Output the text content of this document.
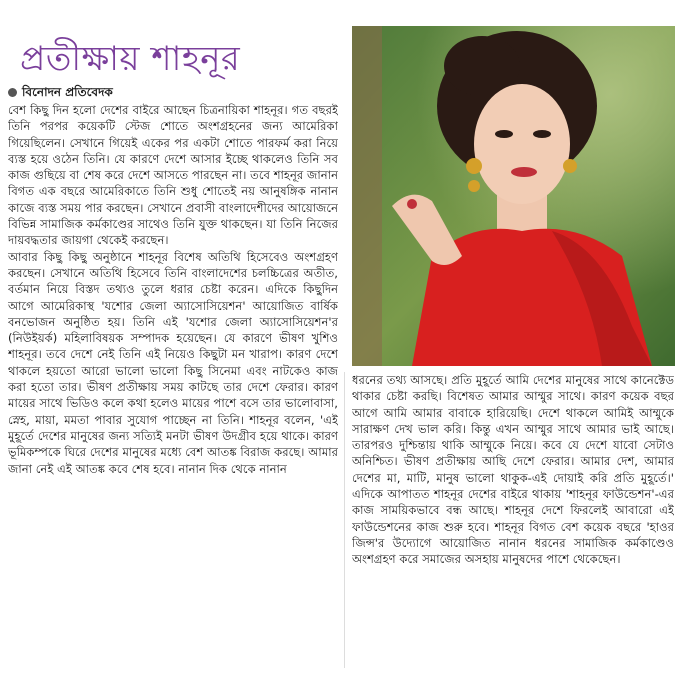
প্রতীক্ষায় শাহনূর
বিনোদন প্রতিবেদক

বেশ কিছু দিন হলো দেশের বাইরে আছেন চিত্রনায়িকা শাহনূর। গত বছরই তিনি পরপর কয়েকটি স্টেজ শোতে অংশগ্রহনের জন্য আমেরিকা গিয়েছিলেন। সেখানে গিয়েই একের পর একটা শোতে পারফর্ম করা নিয়ে ব্যস্ত হয়ে ওঠেন তিনি। যে কারণে দেশে আসার ইচ্ছে থাকলেও তিনি সব কাজ গুছিয়ে বা শেষ করে দেশে আসতে পারছেন না। তবে শাহনূর জানান বিগত এক বছরে আমেরিকাতে তিনি শুধু শোতেই নয় আনুষঙ্গিক নানান কাজে ব্যস্ত সময় পার করছেন। সেখানে প্রবাসী বাংলাদেশীদের আয়োজনে বিভিন্ন সামাজিক কর্মকাণ্ডের সাথেও তিনি যুক্ত থাকছেন। যা তিনি নিজের দায়বদ্ধতার জায়গা থেকেই করছেন।

আবার কিছু কিছু অনুষ্ঠানে শাহনূর বিশেষ অতিথি হিসেবেও অংশগ্রহণ করছেন। সেখানে অতিথি হিসেবে তিনি বাংলাদেশের চলচ্চিত্রের অতীত, বর্তমান নিয়ে বিস্তদ তথ্যও তুলে ধরার চেষ্টা করেন। এদিকে কিছুদিন আগে আমেরিকাস্থ 'যশোর জেলা অ্যাসোসিয়েশন' আয়োজিত বার্ষিক বনভোজন অনুষ্ঠিত হয়। তিনি এই 'যশোর জেলা অ্যাসোসিয়েশন'র (নিউইয়র্ক) মহিলাবিষয়ক সম্পাদক হয়েছেন। যে কারণে ভীষণ খুশিও শাহনূর। তবে দেশে নেই তিনি এই নিয়েও কিছুটা মন খারাপ। কারণ দেশে থাকলে হয়তো আরো ভালো ভালো কিছু সিনেমা এবং নাটকেও কাজ করা হতো তার। ভীষণ প্রতীক্ষায় সময় কাটছে তার দেশে ফেরার। কারণ মায়ের সাথে ভিডিও কলে কথা হলেও মায়ের পাশে বসে তার ভালোবাসা, স্নেহ, মায়া, মমতা পাবার সুযোগ পাচ্ছেন না তিনি। শাহনূর বলেন, 'এই মুহূর্তে দেশের মানুষের জন্য সত্যিই মনটা ভীষণ উদগ্রীব হয়ে থাকে। কারণ ভূমিকম্পকে ঘিরে দেশের মানুষের মধ্যে বেশ আতঙ্ক বিরাজ করছে। আমার জানা নেই এই আতঙ্ক কবে শেষ হবে। নানান দিক থেকে নানান

ধরনের তথ্য আসছে। প্রতি মুহূর্তে আমি দেশের মানুষের সাথে কানেক্টেড থাকার চেষ্টা করছি। বিশেষত আমার আম্মুর সাথে। কারণ কয়েক বছর আগে আমি আমার বাবাকে হারিয়েছি। দেশে থাকলে আমিই আম্মুকে সারাক্ষণ দেখ ভাল করি। কিন্তু এখন আম্মুর সাথে আমার ভাই আছে। তারপরও দুশ্চিন্তায় থাকি আম্মুকে নিয়ে। কবে যে দেশে যাবো সেটাও অনিশ্চিত। ভীষণ প্রতীক্ষায় আছি দেশে ফেরার। আমার দেশ, আমার দেশের মা, মাটি, মানুষ ভালো থাকুক-এই দোয়াই করি প্রতি মুহূর্তে।' এদিকে আপাতত শাহনূর দেশের বাইরে থাকায় 'শাহনূর ফাউন্ডেশন'-এর কাজ সাময়িকভাবে বন্ধ আছে। শাহনূর দেশে ফিরলেই আবারো এই ফাউন্ডেশনের কাজ শুরু হবে। শাহনূর বিগত বেশ কয়েক বছরে 'হাওর জিন্স'র উদ্যোগে আয়োজিত নানান ধরনের সামাজিক কর্মকাণ্ডেও অংশগ্রহণ করে সমাজের অসহায় মানুষদের পাশে থেকেছেন।
